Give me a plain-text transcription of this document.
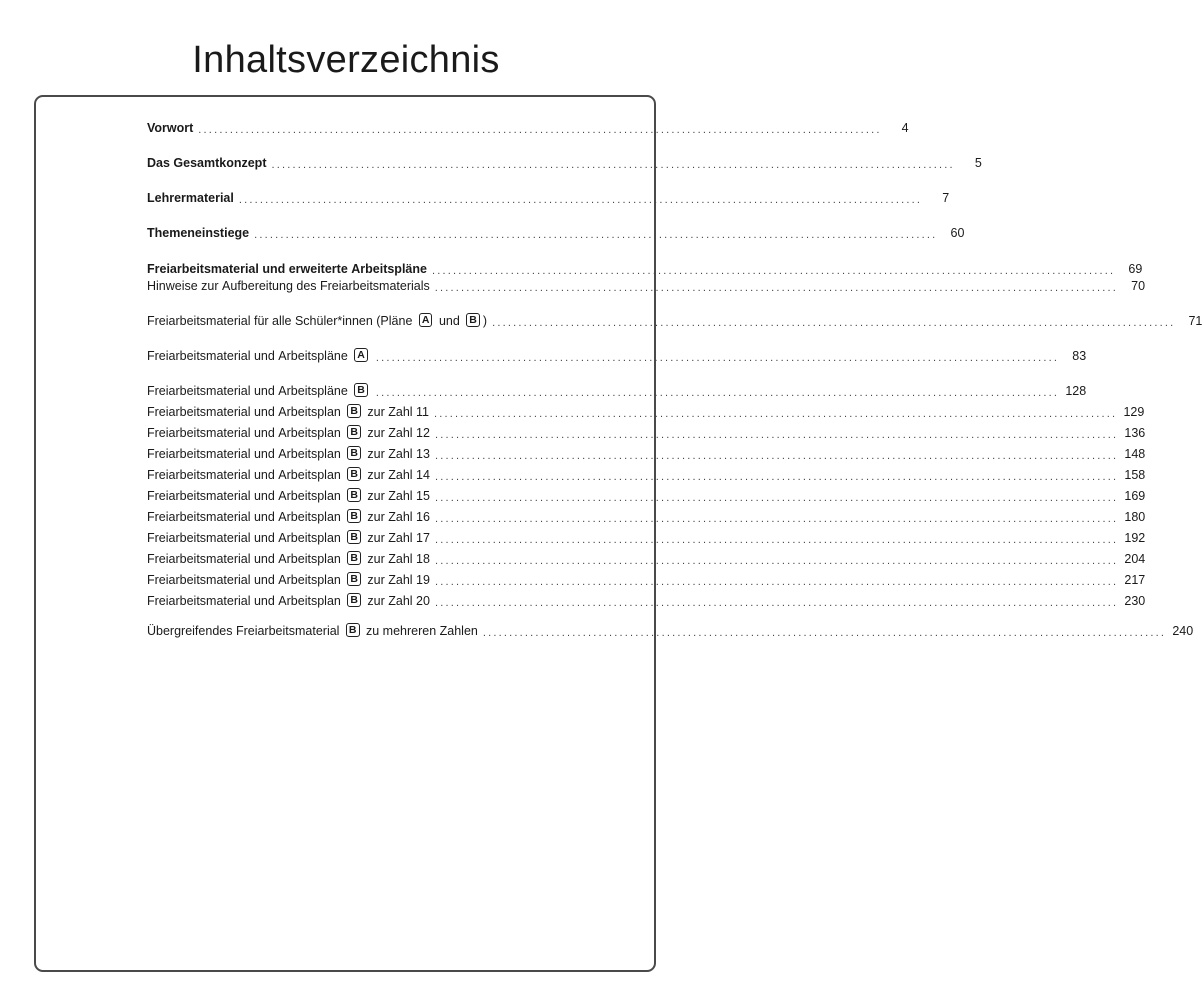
Inhaltsverzeichnis
Vorwort ..................................................................................................................................	4
Das Gesamtkonzept ..................................................................................................................................	5
Lehrermaterial ..................................................................................................................................	7
Themeneinstiege ..................................................................................................................................	60
Freiarbeitsmaterial und erweiterte Arbeitspläne ..................................................................................................................................	69
Hinweise zur Aufbereitung des Freiarbeitsmaterials ..................................................................................................................................	70
Freiarbeitsmaterial für alle Schüler*innen (Pläne A und B ) ..................................................................................................................................	71
Freiarbeitsmaterial und Arbeitspläne A ..................................................................................................................................	83
Freiarbeitsmaterial und Arbeitspläne B .................................................................................................................................. 128
Freiarbeitsmaterial und Arbeitsplan B zur Zahl 11 .................................................................................................................................. 129
Freiarbeitsmaterial und Arbeitsplan B zur Zahl 12 .................................................................................................................................. 136
Freiarbeitsmaterial und Arbeitsplan B zur Zahl 13 .................................................................................................................................. 148
Freiarbeitsmaterial und Arbeitsplan B zur Zahl 14 .................................................................................................................................. 158
Freiarbeitsmaterial und Arbeitsplan B zur Zahl 15 .................................................................................................................................. 169
Freiarbeitsmaterial und Arbeitsplan B zur Zahl 16 .................................................................................................................................. 180
Freiarbeitsmaterial und Arbeitsplan B zur Zahl 17 .................................................................................................................................. 192
Freiarbeitsmaterial und Arbeitsplan B zur Zahl 18 .................................................................................................................................. 204
Freiarbeitsmaterial und Arbeitsplan B zur Zahl 19 .................................................................................................................................. 217
Freiarbeitsmaterial und Arbeitsplan B zur Zahl 20 .................................................................................................................................. 230
Übergreifendes Freiarbeitsmaterial B zu mehreren Zahlen .................................................................................................................................. 240
